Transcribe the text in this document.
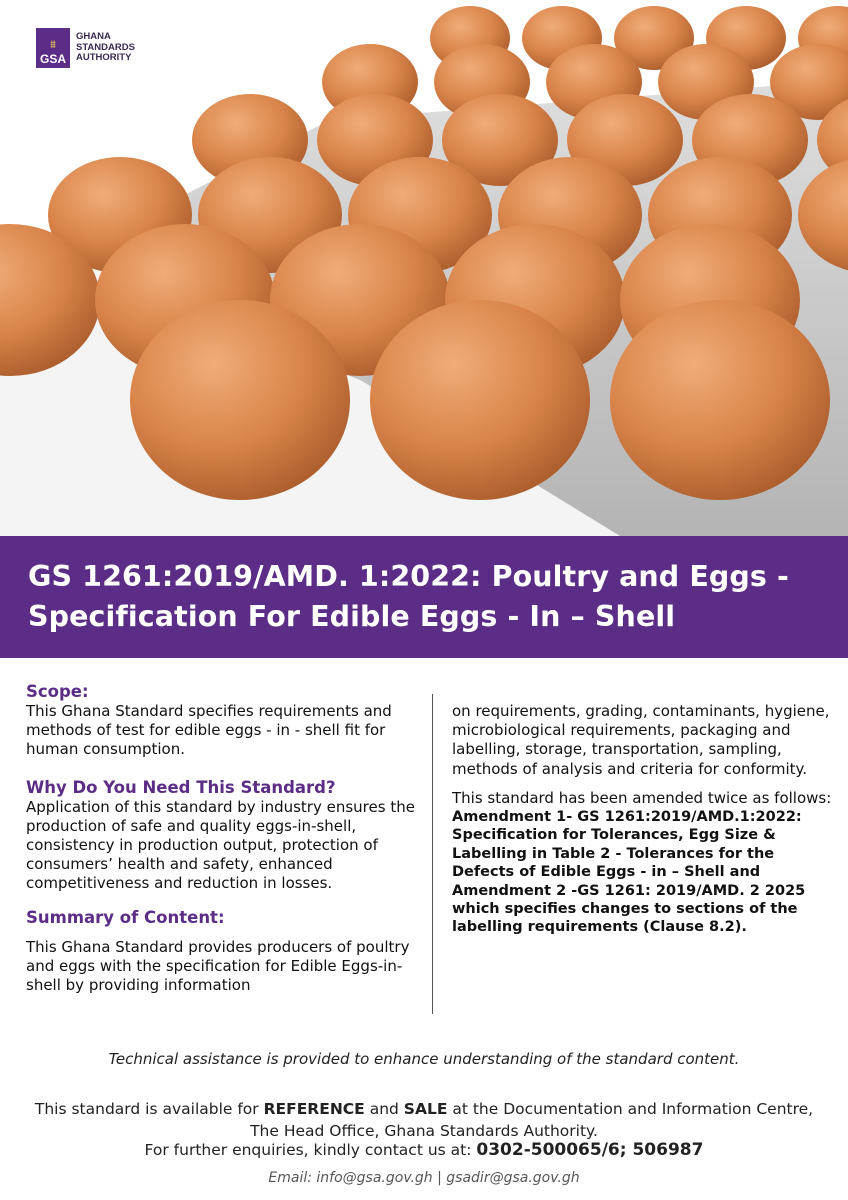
⩩
GSA
GHANA
STANDARDS
AUTHORITY
GS 1261:2019/AMD. 1:2022: Poultry and Eggs -
Specification For Edible Eggs - In – Shell

Scope:

This Ghana Standard specifies requirements and methods of test for edible eggs - in - shell fit for human consumption.

Why Do You Need This Standard?

Application of this standard by industry ensures the production of safe and quality eggs-in-shell, consistency in production output, protection of consumers’ health and safety, enhanced competitiveness and reduction in losses.

Summary of Content:

This Ghana Standard provides producers of poultry and eggs with the specification for Edible Eggs-in-shell by providing information

on requirements, grading, contaminants, hygiene, microbiological requirements, packaging and labelling, storage, transportation, sampling, methods of analysis and criteria for conformity.

This standard has been amended twice as follows:

Amendment 1- GS 1261:2019/AMD.1:2022: Specification for Tolerances, Egg Size & Labelling in Table 2 - Tolerances for the Defects of Edible Eggs - in – Shell and Amendment 2 -GS 1261: 2019/AMD. 2 2025 which specifies changes to sections of the labelling requirements (Clause 8.2).

Technical assistance is provided to enhance understanding of the standard content.
This standard is available for REFERENCE and SALE at the Documentation and Information Centre,
The Head Office, Ghana Standards Authority.
For further enquiries, kindly contact us at: 0302-500065/6; 506987
Email: info@gsa.gov.gh | gsadir@gsa.gov.gh
